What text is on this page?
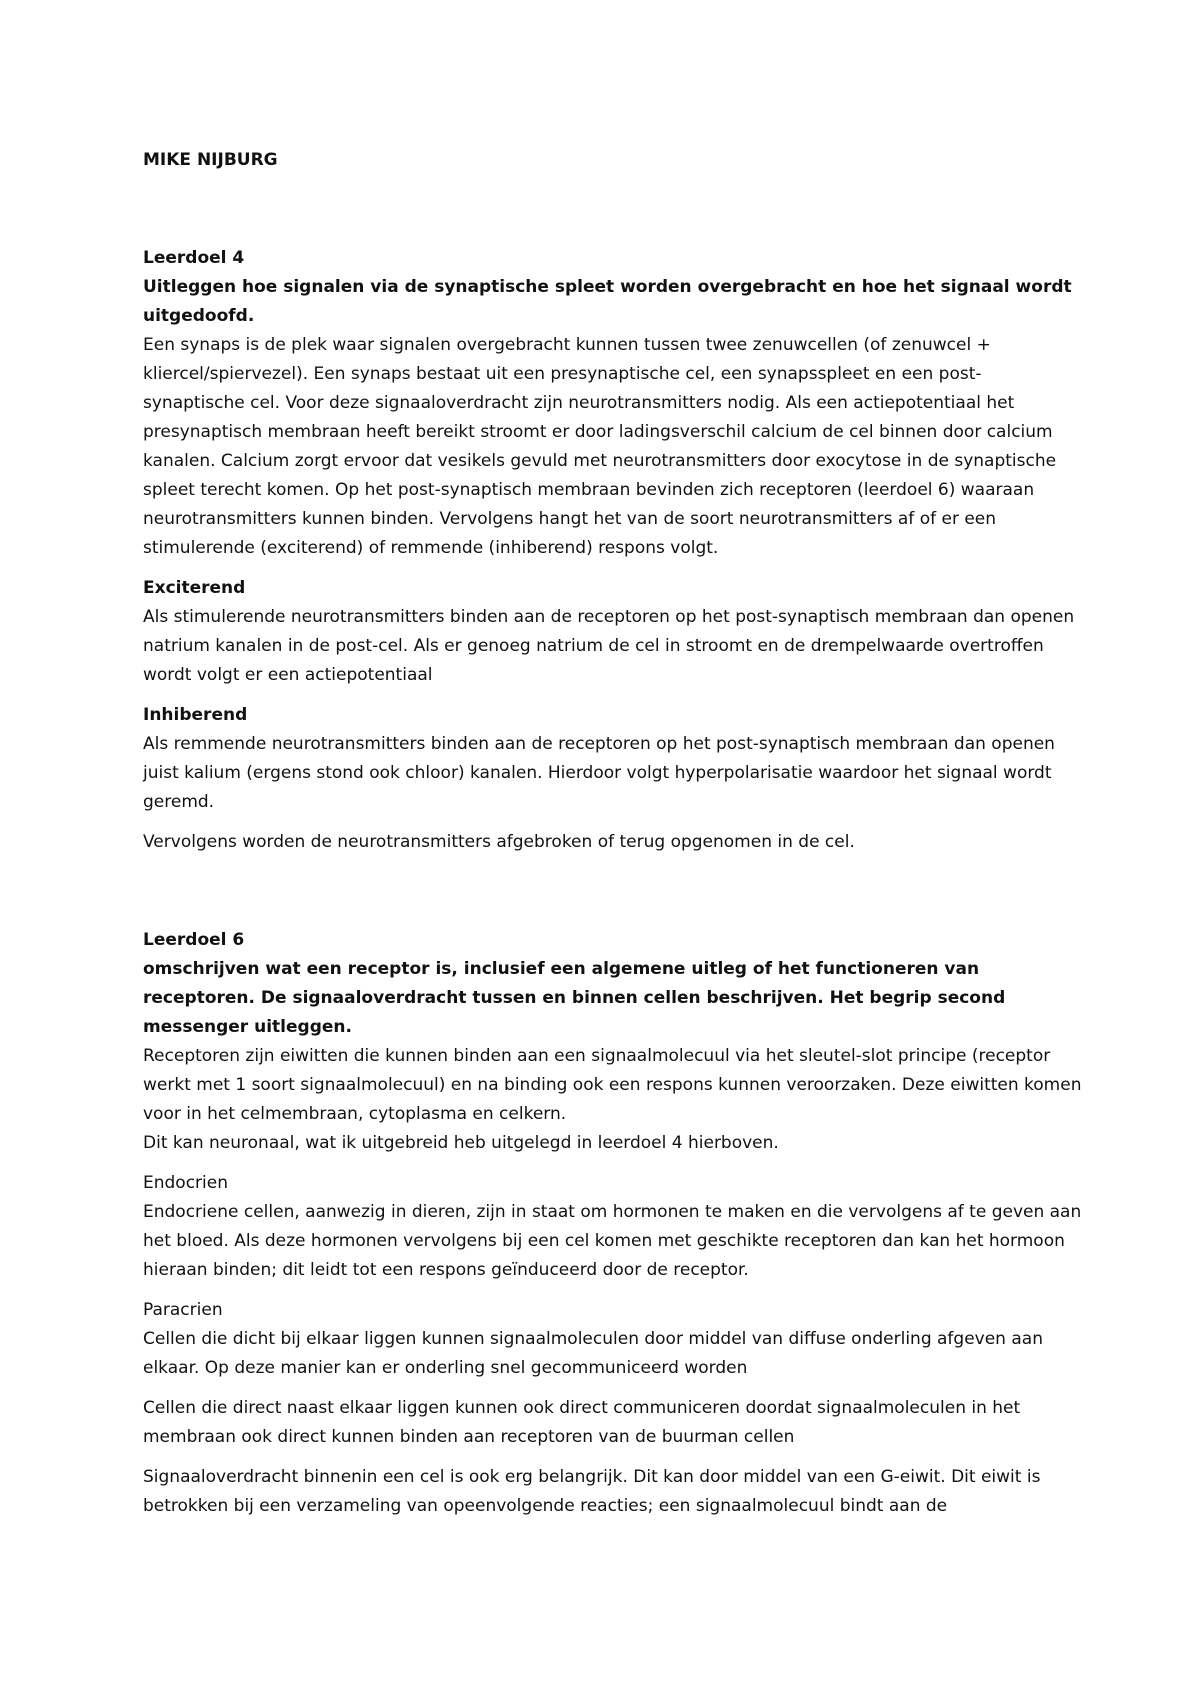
MIKE NIJBURG

Leerdoel 4

Uitleggen hoe signalen via de synaptische spleet worden overgebracht en hoe het signaal wordt uitgedoofd.

Een synaps is de plek waar signalen overgebracht kunnen tussen twee zenuwcellen (of zenuwcel + kliercel/spiervezel). Een synaps bestaat uit een presynaptische cel, een synapsspleet en een post-synaptische cel. Voor deze signaaloverdracht zijn neurotransmitters nodig. Als een actiepotentiaal het presynaptisch membraan heeft bereikt stroomt er door ladingsverschil calcium de cel binnen door calcium kanalen. Calcium zorgt ervoor dat vesikels gevuld met neurotransmitters door exocytose in de synaptische spleet terecht komen. Op het post-synaptisch membraan bevinden zich receptoren (leerdoel 6) waaraan neurotransmitters kunnen binden. Vervolgens hangt het van de soort neurotransmitters af of er een stimulerende (exciterend) of remmende (inhiberend) respons volgt.

Exciterend

Als stimulerende neurotransmitters binden aan de receptoren op het post-synaptisch membraan dan openen natrium kanalen in de post-cel. Als er genoeg natrium de cel in stroomt en de drempelwaarde overtroffen wordt volgt er een actiepotentiaal

Inhiberend

Als remmende neurotransmitters binden aan de receptoren op het post-synaptisch membraan dan openen juist kalium (ergens stond ook chloor) kanalen. Hierdoor volgt hyperpolarisatie waardoor het signaal wordt geremd.

Vervolgens worden de neurotransmitters afgebroken of terug opgenomen in de cel.

Leerdoel 6

omschrijven wat een receptor is, inclusief een algemene uitleg of het functioneren van receptoren. De signaaloverdracht tussen en binnen cellen beschrijven. Het begrip second messenger uitleggen.

Receptoren zijn eiwitten die kunnen binden aan een signaalmolecuul via het sleutel-slot principe (receptor werkt met 1 soort signaalmolecuul) en na binding ook een respons kunnen veroorzaken. Deze eiwitten komen voor in het celmembraan, cytoplasma en celkern.

Dit kan neuronaal, wat ik uitgebreid heb uitgelegd in leerdoel 4 hierboven.

Endocrien

Endocriene cellen, aanwezig in dieren, zijn in staat om hormonen te maken en die vervolgens af te geven aan het bloed. Als deze hormonen vervolgens bij een cel komen met geschikte receptoren dan kan het hormoon hieraan binden; dit leidt tot een respons geïnduceerd door de receptor.

Paracrien

Cellen die dicht bij elkaar liggen kunnen signaalmoleculen door middel van diffuse onderling afgeven aan elkaar. Op deze manier kan er onderling snel gecommuniceerd worden

Cellen die direct naast elkaar liggen kunnen ook direct communiceren doordat signaalmoleculen in het membraan ook direct kunnen binden aan receptoren van de buurman cellen

Signaaloverdracht binnenin een cel is ook erg belangrijk. Dit kan door middel van een G-eiwit. Dit eiwit is betrokken bij een verzameling van opeenvolgende reacties; een signaalmolecuul bindt aan de
